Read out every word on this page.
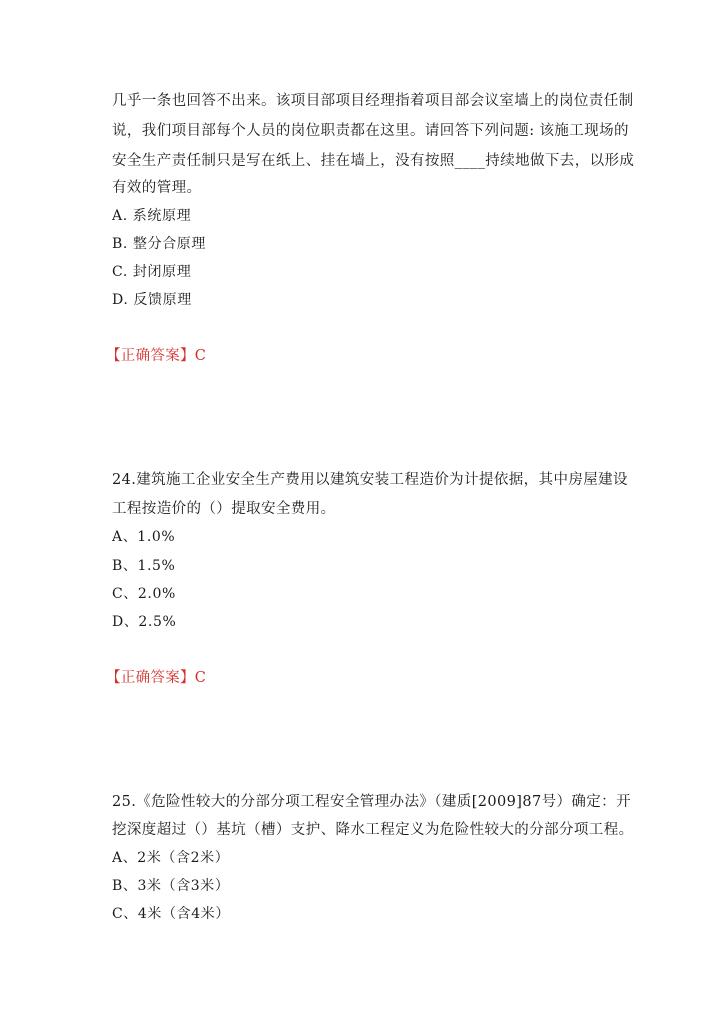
几乎一条也回答不出来。该项目部项目经理指着项目部会议室墙上的岗位责任制
说，我们项目部每个人员的岗位职责都在这里。请回答下列问题: 该施工现场的
安全生产责任制只是写在纸上、挂在墙上，没有按照____持续地做下去，以形成
有效的管理。
A. 系统原理
B. 整分合原理
C. 封闭原理
D. 反馈原理
【正确答案】C
24.建筑施工企业安全生产费用以建筑安装工程造价为计提依据，其中房屋建设
工程按造价的（）提取安全费用。
A、1.0%
B、1.5%
C、2.0%
D、2.5%
【正确答案】C
25.《危险性较大的分部分项工程安全管理办法》（建质[2009]87号）确定：开
挖深度超过（）基坑（槽）支护、降水工程定义为危险性较大的分部分项工程。
A、2米（含2米）
B、3米（含3米）
C、4米（含4米）
